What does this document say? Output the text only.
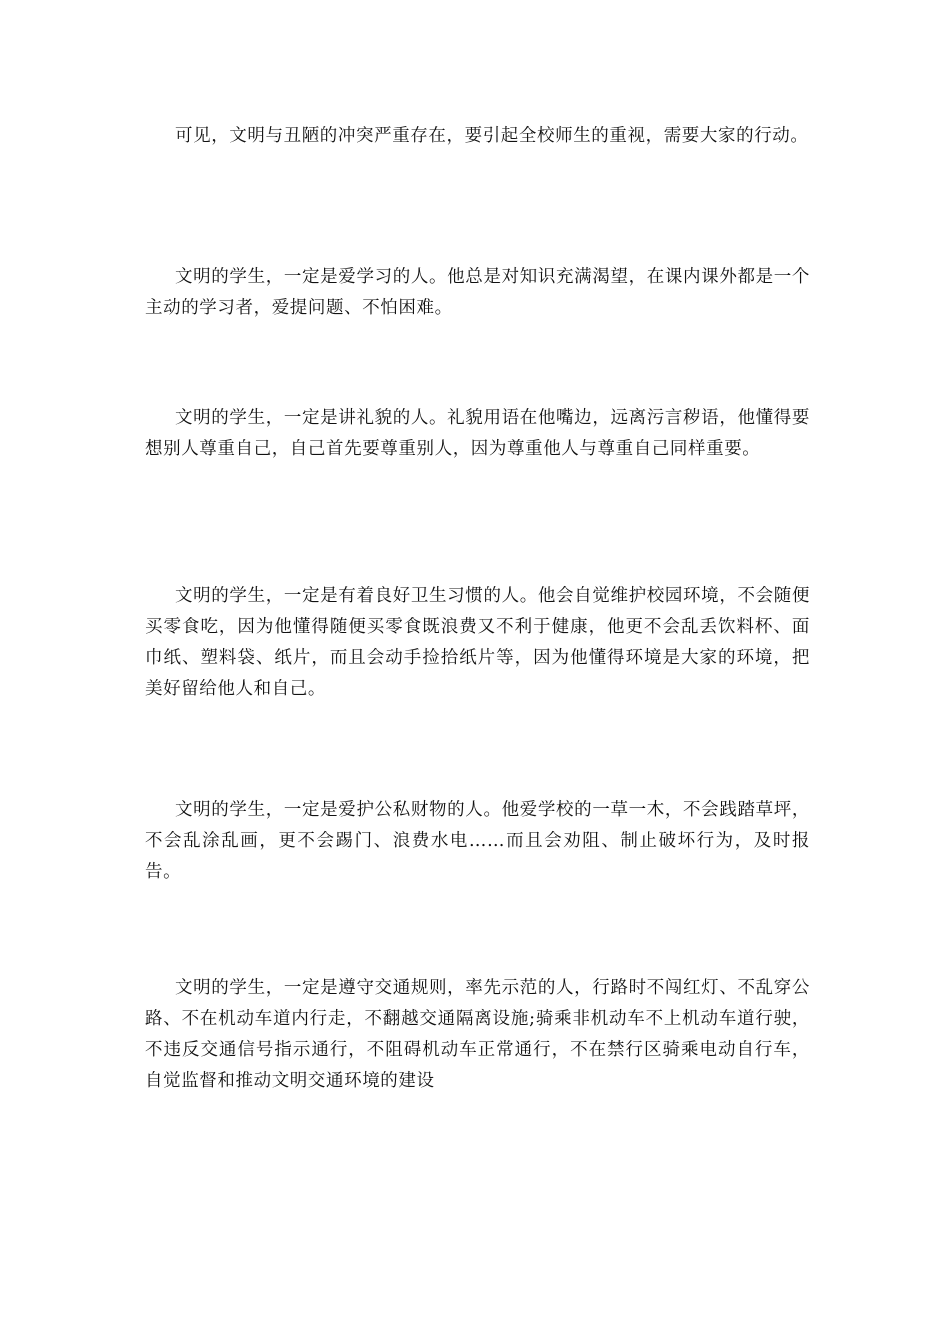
可见，文明与丑陋的冲突严重存在，要引起全校师生的重视，需要大家的行动。

文明的学生，一定是爱学习的人。他总是对知识充满渴望，在课内课外都是一个主动的学习者，爱提问题、不怕困难。

文明的学生，一定是讲礼貌的人。礼貌用语在他嘴边，远离污言秽语，他懂得要想别人尊重自己，自己首先要尊重别人，因为尊重他人与尊重自己同样重要。

文明的学生，一定是有着良好卫生习惯的人。他会自觉维护校园环境，不会随便买零食吃，因为他懂得随便买零食既浪费又不利于健康，他更不会乱丢饮料杯、面巾纸、塑料袋、纸片，而且会动手捡拾纸片等，因为他懂得环境是大家的环境，把美好留给他人和自己。

文明的学生，一定是爱护公私财物的人。他爱学校的一草一木，不会践踏草坪，不会乱涂乱画，更不会踢门、浪费水电……而且会劝阻、制止破坏行为，及时报告。

文明的学生，一定是遵守交通规则，率先示范的人，行路时不闯红灯、不乱穿公路、不在机动车道内行走，不翻越交通隔离设施;骑乘非机动车不上机动车道行驶，不违反交通信号指示通行，不阻碍机动车正常通行，不在禁行区骑乘电动自行车，自觉监督和推动文明交通环境的建设
